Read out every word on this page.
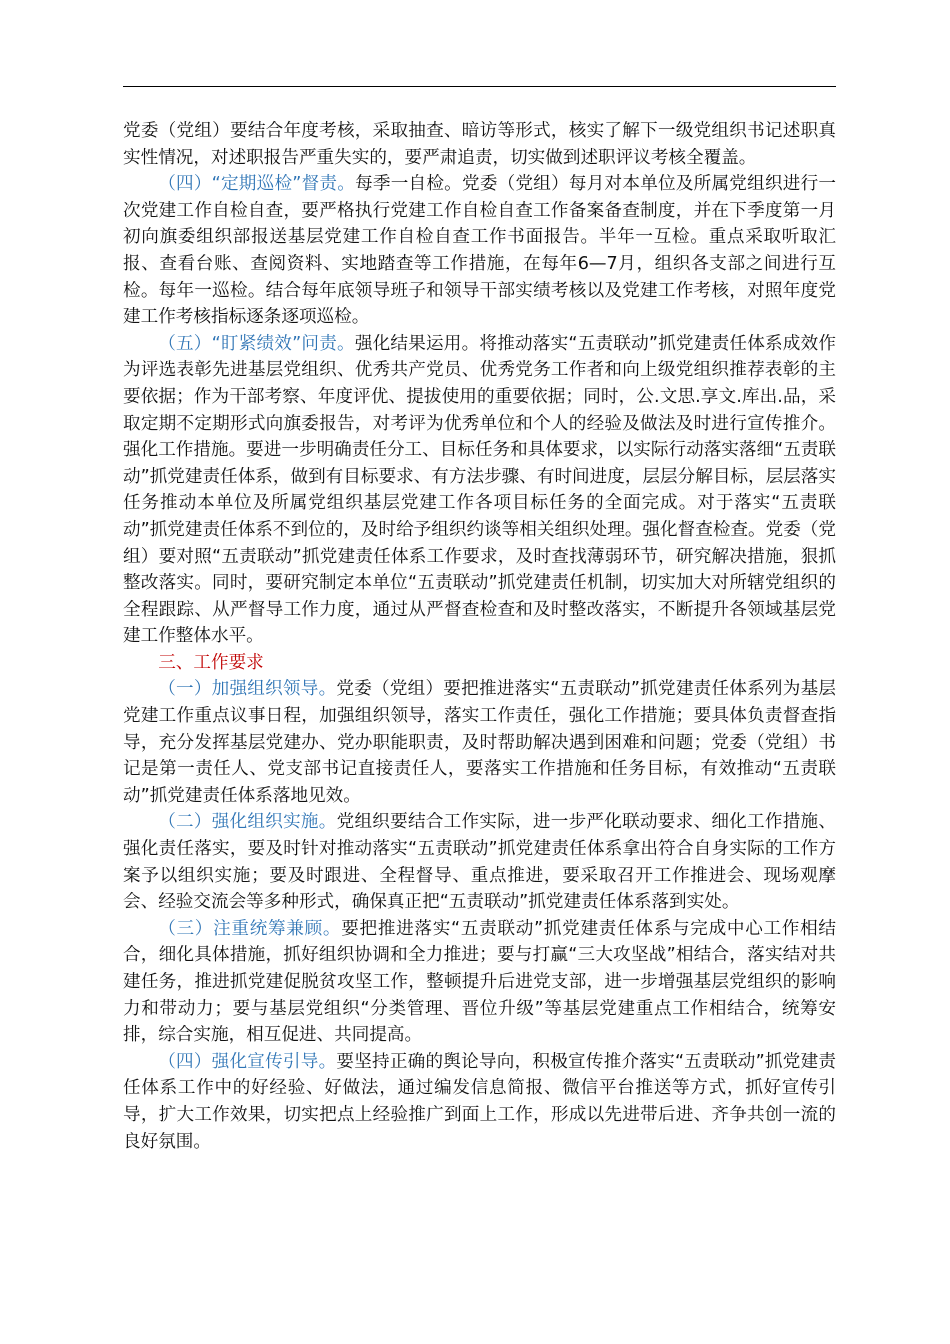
党委（党组）要结合年度考核，采取抽查、暗访等形式，核实了解下一级党组织书记述职真实性情况，对述职报告严重失实的，要严肃追责，切实做到述职评议考核全覆盖。

（四）“定期巡检”督责。每季一自检。党委（党组）每月对本单位及所属党组织进行一次党建工作自检自查，要严格执行党建工作自检自查工作备案备查制度，并在下季度第一月初向旗委组织部报送基层党建工作自检自查工作书面报告。半年一互检。重点采取听取汇报、查看台账、查阅资料、实地踏查等工作措施，在每年6—7月，组织各支部之间进行互检。每年一巡检。结合每年底领导班子和领导干部实绩考核以及党建工作考核，对照年度党建工作考核指标逐条逐项巡检。

（五）“盯紧绩效”问责。强化结果运用。将推动落实“五责联动”抓党建责任体系成效作为评选表彰先进基层党组织、优秀共产党员、优秀党务工作者和向上级党组织推荐表彰的主要依据；作为干部考察、年度评优、提拔使用的重要依据；同时，公.文思.享文.库出.品，采取定期不定期形式向旗委报告，对考评为优秀单位和个人的经验及做法及时进行宣传推介。强化工作措施。要进一步明确责任分工、目标任务和具体要求，以实际行动落实落细“五责联动”抓党建责任体系，做到有目标要求、有方法步骤、有时间进度，层层分解目标，层层落实任务推动本单位及所属党组织基层党建工作各项目标任务的全面完成。对于落实“五责联动”抓党建责任体系不到位的，及时给予组织约谈等相关组织处理。强化督查检查。党委（党组）要对照“五责联动”抓党建责任体系工作要求，及时查找薄弱环节，研究解决措施，狠抓整改落实。同时，要研究制定本单位“五责联动”抓党建责任机制，切实加大对所辖党组织的全程跟踪、从严督导工作力度，通过从严督查检查和及时整改落实，不断提升各领域基层党建工作整体水平。

三、工作要求

（一）加强组织领导。党委（党组）要把推进落实“五责联动”抓党建责任体系列为基层党建工作重点议事日程，加强组织领导，落实工作责任，强化工作措施；要具体负责督查指导，充分发挥基层党建办、党办职能职责，及时帮助解决遇到困难和问题；党委（党组）书记是第一责任人、党支部书记直接责任人，要落实工作措施和任务目标，有效推动“五责联动”抓党建责任体系落地见效。

（二）强化组织实施。党组织要结合工作实际，进一步严化联动要求、细化工作措施、强化责任落实，要及时针对推动落实“五责联动”抓党建责任体系拿出符合自身实际的工作方案予以组织实施；要及时跟进、全程督导、重点推进，要采取召开工作推进会、现场观摩会、经验交流会等多种形式，确保真正把“五责联动”抓党建责任体系落到实处。

（三）注重统筹兼顾。要把推进落实“五责联动”抓党建责任体系与完成中心工作相结合，细化具体措施，抓好组织协调和全力推进；要与打赢“三大攻坚战”相结合，落实结对共建任务，推进抓党建促脱贫攻坚工作，整顿提升后进党支部，进一步增强基层党组织的影响力和带动力；要与基层党组织“分类管理、晋位升级”等基层党建重点工作相结合，统筹安排，综合实施，相互促进、共同提高。

（四）强化宣传引导。要坚持正确的舆论导向，积极宣传推介落实“五责联动”抓党建责任体系工作中的好经验、好做法，通过编发信息简报、微信平台推送等方式，抓好宣传引导，扩大工作效果，切实把点上经验推广到面上工作，形成以先进带后进、齐争共创一流的良好氛围。
